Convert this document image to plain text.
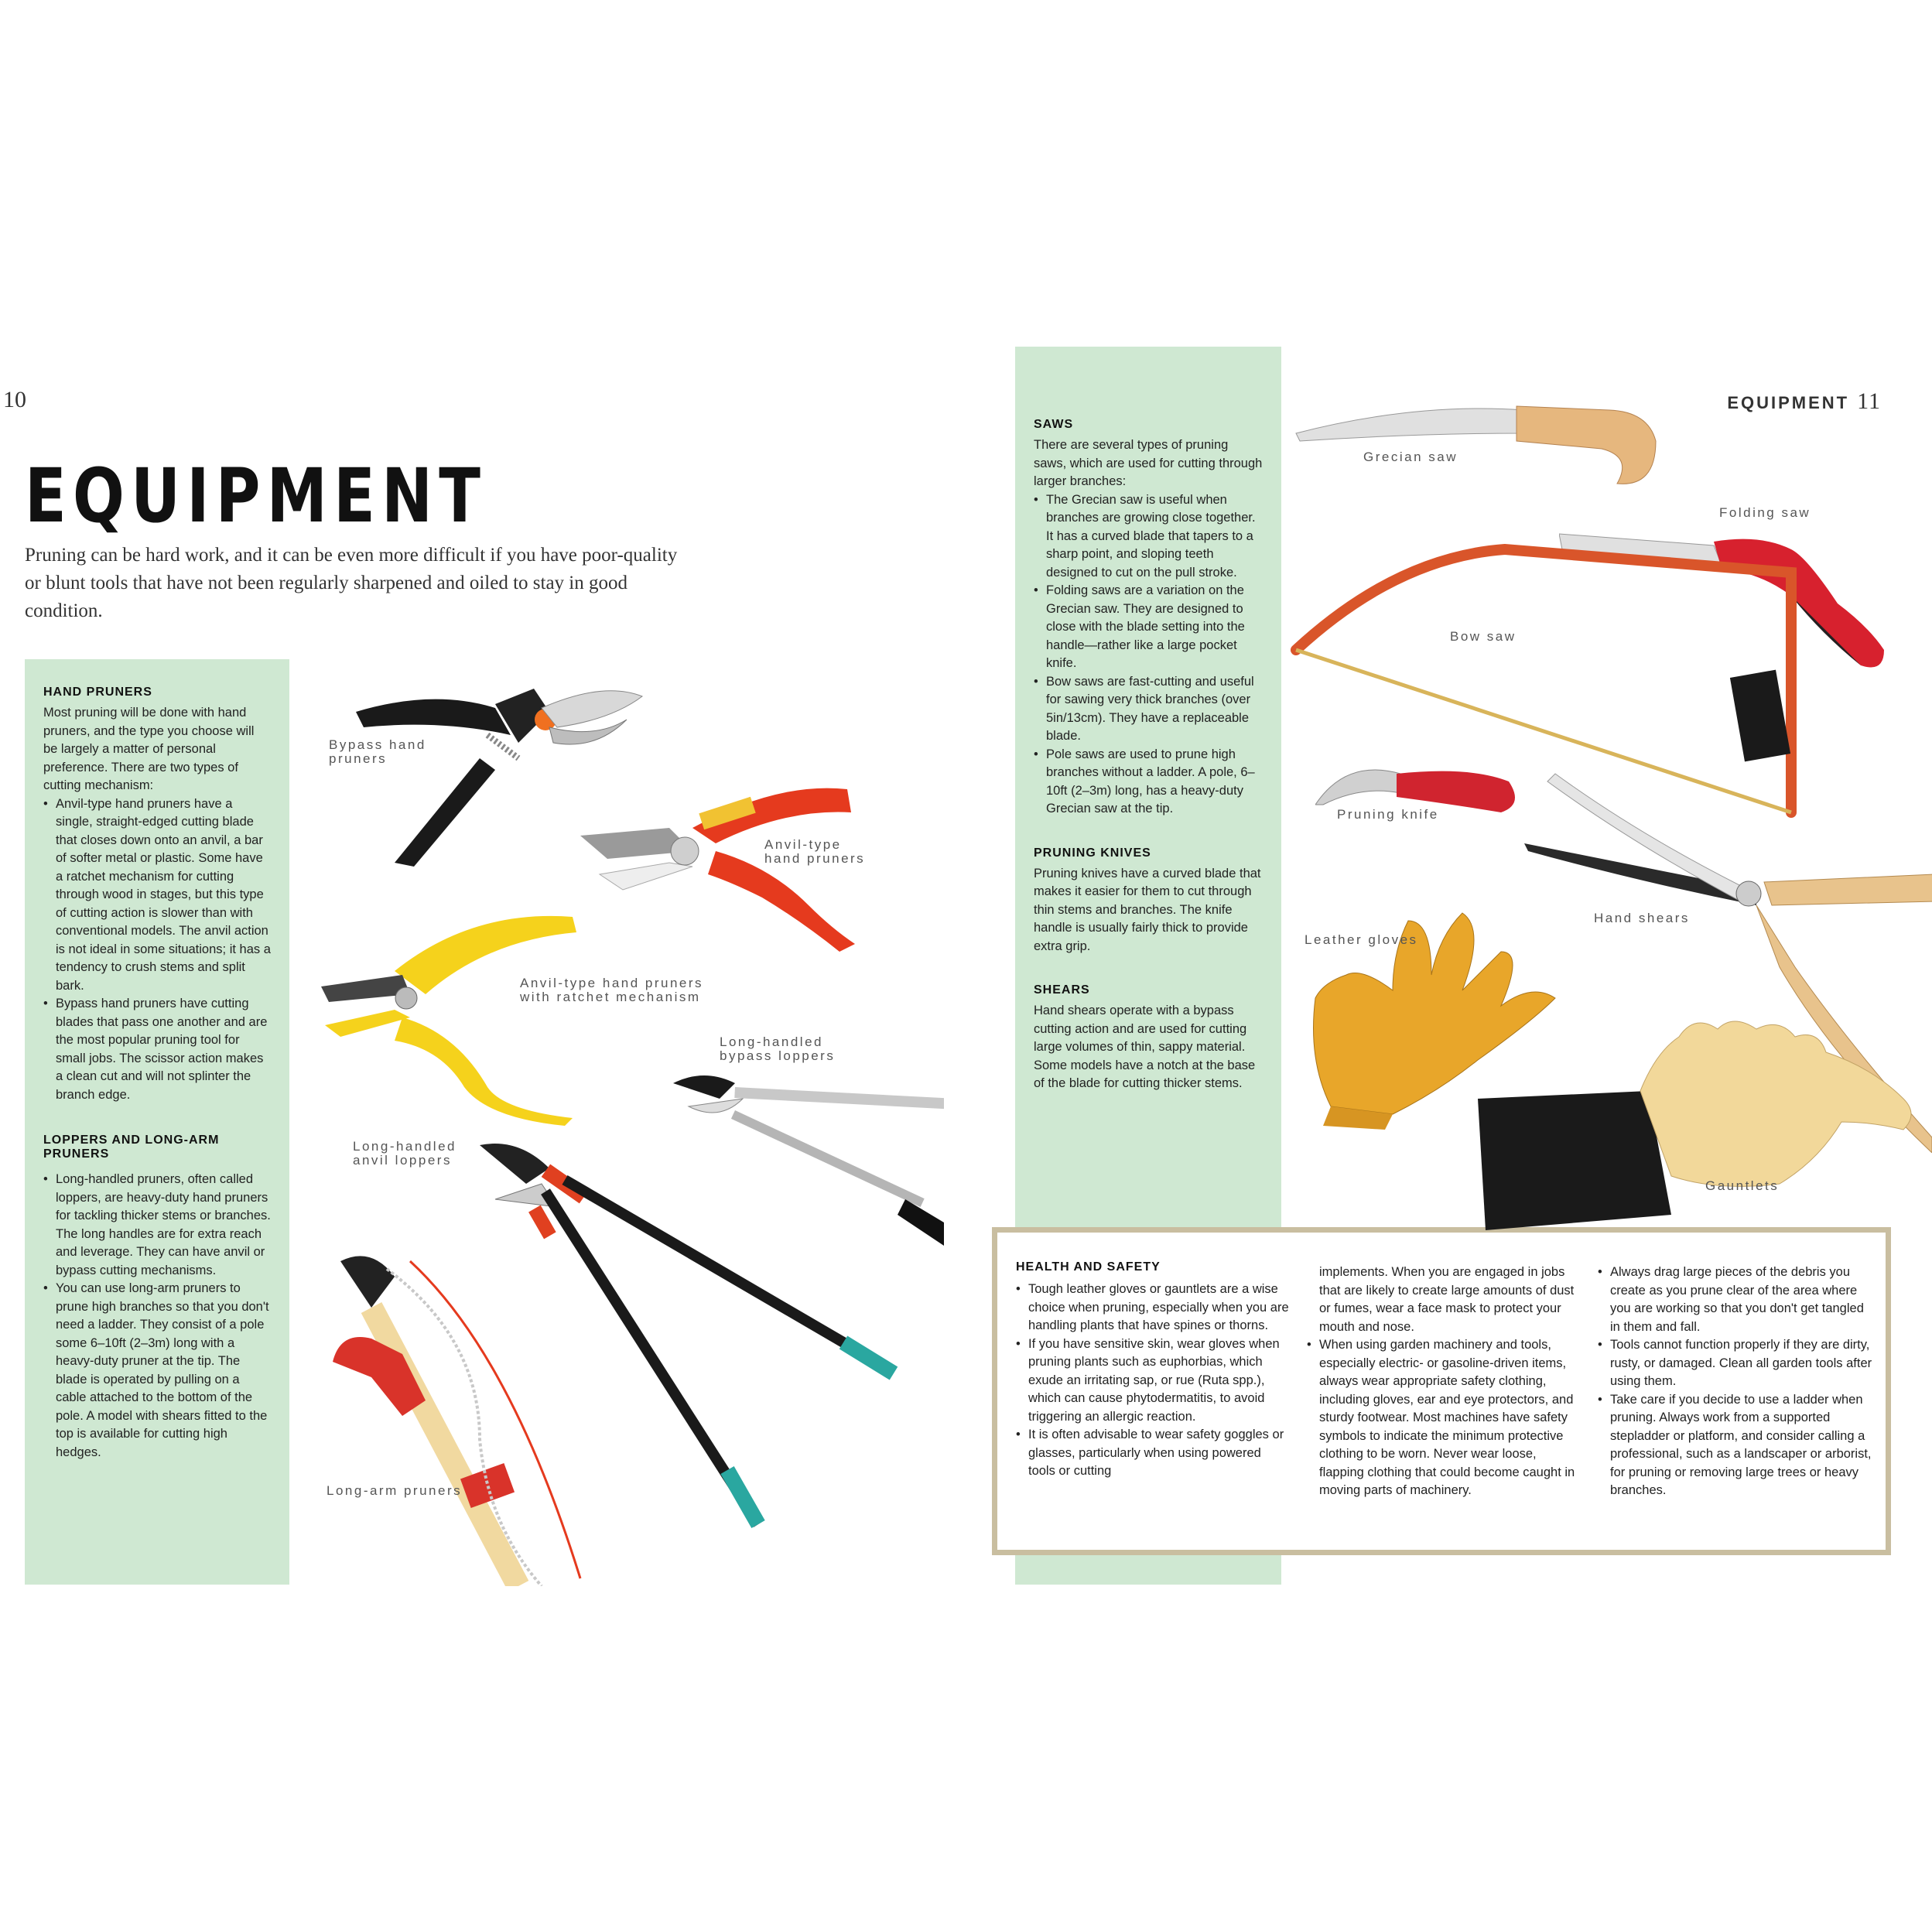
10	EQUIPMENT 11
EQUIPMENT
Pruning can be hard work, and it can be even more difficult if you have poor-quality or blunt tools that have not been regularly sharpened and oiled to stay in good condition.
HAND PRUNERS
Most pruning will be done with hand pruners, and the type you choose will be largely a matter of personal preference. There are two types of cutting mechanism:
• Anvil-type hand pruners have a single, straight-edged cutting blade that closes down onto an anvil, a bar of softer metal or plastic. Some have a ratchet mechanism for cutting through wood in stages, but this type of cutting action is slower than with conventional models. The anvil action is not ideal in some situations; it has a tendency to crush stems and split bark.
• Bypass hand pruners have cutting blades that pass one another and are the most popular pruning tool for small jobs. The scissor action makes a clean cut and will not splinter the branch edge.
LOPPERS AND LONG-ARM PRUNERS
• Long-handled pruners, often called loppers, are heavy-duty hand pruners for tackling thicker stems or branches. The long handles are for extra reach and leverage. They can have anvil or bypass cutting mechanisms.
• You can use long-arm pruners to prune high branches so that you don't need a ladder. They consist of a pole some 6–10ft (2–3m) long with a heavy-duty pruner at the tip. The blade is operated by pulling on a cable attached to the bottom of the pole. A model with shears fitted to the top is available for cutting high hedges.
SAWS
There are several types of pruning saws, which are used for cutting through larger branches:
• The Grecian saw is useful when branches are growing close together. It has a curved blade that tapers to a sharp point, and sloping teeth designed to cut on the pull stroke.
• Folding saws are a variation on the Grecian saw. They are designed to close with the blade setting into the handle—rather like a large pocket knife.
• Bow saws are fast-cutting and useful for sawing very thick branches (over 5in/13cm). They have a replaceable blade.
• Pole saws are used to prune high branches without a ladder. A pole, 6–10ft (2–3m) long, has a heavy-duty Grecian saw at the tip.
PRUNING KNIVES
Pruning knives have a curved blade that makes it easier for them to cut through thin stems and branches. The knife handle is usually fairly thick to provide extra grip.
SHEARS
Hand shears operate with a bypass cutting action and are used for cutting large volumes of thin, sappy material. Some models have a notch at the base of the blade for cutting thicker stems.
HEALTH AND SAFETY
• Tough leather gloves or gauntlets are a wise choice when pruning, especially when you are handling plants that have spines or thorns.
• If you have sensitive skin, wear gloves when pruning plants such as euphorbias, which exude an irritating sap, or rue (Ruta spp.), which can cause phytodermatitis, to avoid triggering an allergic reaction.
• It is often advisable to wear safety goggles or glasses, particularly when using powered tools or cutting
implements. When you are engaged in jobs that are likely to create large amounts of dust or fumes, wear a face mask to protect your mouth and nose.
• When using garden machinery and tools, especially electric- or gasoline-driven items, always wear appropriate safety clothing, including gloves, ear and eye protectors, and sturdy footwear. Most machines have safety symbols to indicate the minimum protective clothing to be worn. Never wear loose, flapping clothing that could become caught in moving parts of machinery.
• Always drag large pieces of the debris you create as you prune clear of the area where you are working so that you don't get tangled in them and fall.
• Tools cannot function properly if they are dirty, rusty, or damaged. Clean all garden tools after using them.
• Take care if you decide to use a ladder when pruning. Always work from a supported stepladder or platform, and consider calling a professional, such as a landscaper or arborist, for pruning or removing large trees or heavy branches.
Bypass hand
pruners
Anvil-type
hand pruners
Anvil-type hand pruners
with ratchet mechanism
Long-handled
bypass loppers
Long-handled
anvil loppers
Long-arm pruners
Grecian saw
Folding saw
Bow saw
Pruning knife
Hand shears
Leather gloves
Gauntlets
